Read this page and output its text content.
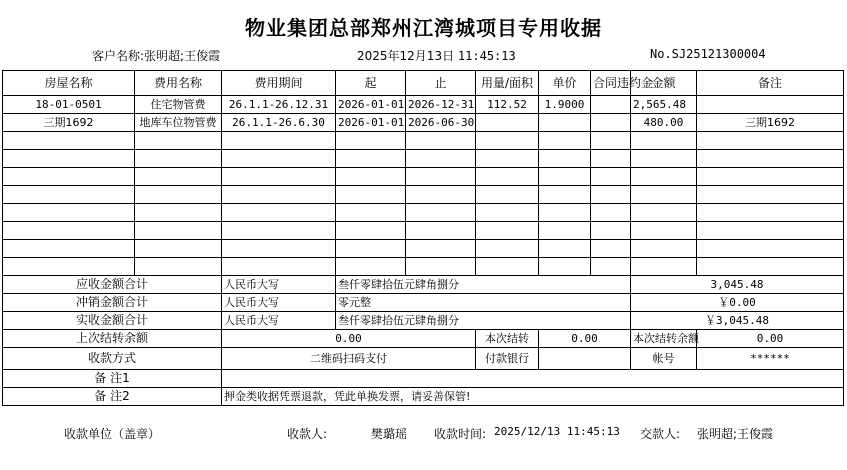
物业集团总部郑州江湾城项目专用收据
客户名称:张明超;王俊霞	2025年12月13日 11:45:13	No.SJ25121300004
房屋名称	费用名称	费用期间	起	止	用量/面积	单价	合同违约金	金额	备注
18-01-0501	住宅物管费	26.1.1-26.12.31	2026-01-01	2026-12-31	112.52	1.9000		2,565.48	
三期1692	地库车位物管费	26.1.1-26.6.30	2026-01-01	2026-06-30				480.00	三期1692

应收金额合计		人民币大写	叁仟零肆拾伍元肆角捌分					3,045.48	
冲销金额合计		人民币大写	零元整					￥0.00	
实收金额合计		人民币大写	叁仟零肆拾伍元肆角捌分					￥3,045.48	
上次结转余额		0.00			本次结转	0.00		本次结转余额	0.00
收款方式		二维码扫码支付			付款银行			帐号	******
备 注1									
备 注2		押金类收据凭票退款，凭此单换发票，请妥善保管!							
收款单位（盖章）	收款人:	樊璐瑶 收款时间: 2025/12/13 11:45:13 交款人: 张明超;王俊霞
